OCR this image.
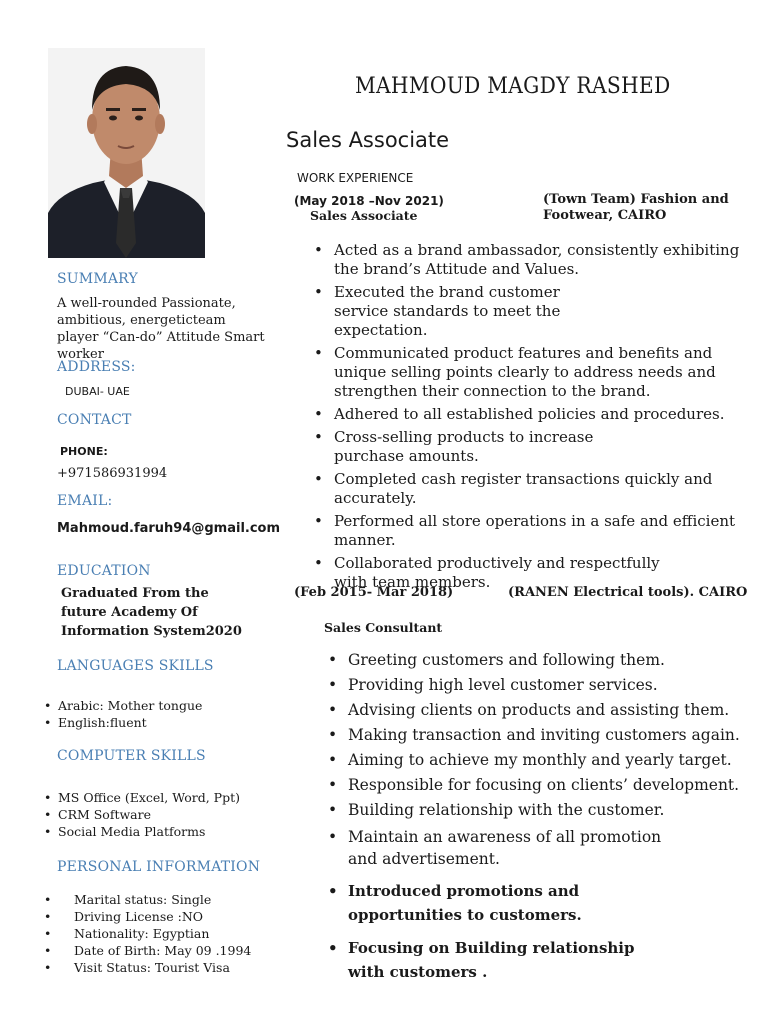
SUMMARY
A well-rounded Passionate, ambitious, energeticteam player “Can-do” Attitude Smart worker
ADDRESS:
DUBAI- UAE
CONTACT
PHONE:
+971586931994
EMAIL:
Mahmoud.faruh94@gmail.com
EDUCATION
Graduated From the future Academy Of Information System2020
LANGUAGES SKILLS
• Arabic: Mother tongue
• English:fluent
COMPUTER SKILLS
• MS Office (Excel, Word, Ppt)
• CRM Software
• Social Media Platforms
PERSONAL INFORMATION
• Marital status: Single
• Driving License :NO
• Nationality: Egyptian
• Date of Birth: May 09 .1994
• Visit Status: Tourist Visa
MAHMOUD MAGDY RASHED
Sales Associate
WORK EXPERIENCE
(May 2018 –Nov 2021)
Sales Associate
(Town Team) Fashion and Footwear, CAIRO
• Acted as a brand ambassador, consistently exhibiting the brand’s Attitude and Values.
• Executed the brand customer service standards to meet the expectation.
• Communicated product features and benefits and unique selling points clearly to address needs and strengthen their connection to the brand.
• Adhered to all established policies and procedures.
• Cross-selling products to increase purchase amounts.
• Completed cash register transactions quickly and accurately.
• Performed all store operations in a safe and efficient manner.
• Collaborated productively and respectfully with team members.
(Feb 2015- Mar 2018)	(RANEN Electrical tools). CAIRO
Sales Consultant
• Greeting customers and following them.
• Providing high level customer services.
• Advising clients on products and assisting them.
• Making transaction and inviting customers again.
• Aiming to achieve my monthly and yearly target.
• Responsible for focusing on clients’ development.
• Building relationship with the customer.
• Maintain an awareness of all promotion and advertisement.
• Introduced promotions and opportunities to customers.
• Focusing on Building relationship with customers .
